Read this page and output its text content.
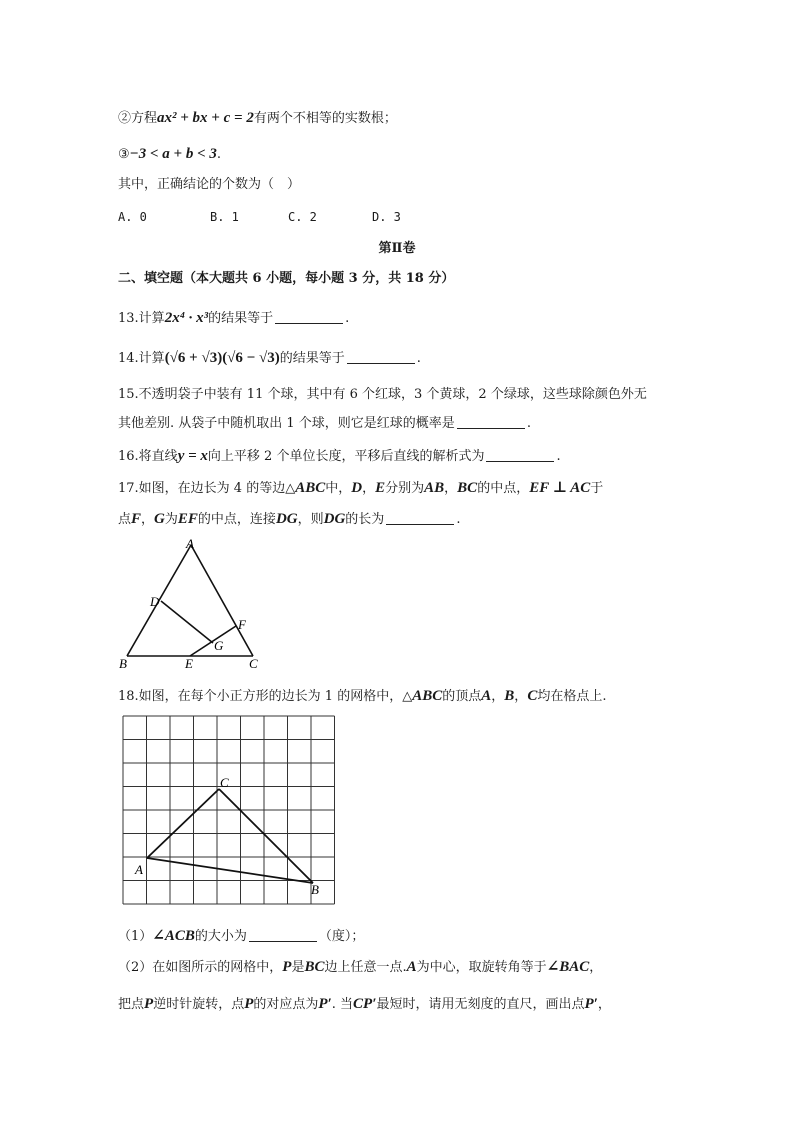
②方程ax² + bx + c = 2有两个不相等的实数根；
③−3 < a + b < 3.
其中，正确结论的个数为（　）
A. 0	B. 1	C. 2	D. 3
第Ⅱ卷
二、填空题（本大题共 6 小题，每小题 3 分，共 18 分）
13.计算2x⁴ · x³的结果等于	.
14.计算(√6 + √3)(√6 − √3)的结果等于	.
15.不透明袋子中装有 11 个球，其中有 6 个红球，3 个黄球，2 个绿球，这些球除颜色外无
其他差别. 从袋子中随机取出 1 个球，则它是红球的概率是	.
16.将直线y = x向上平移 2 个单位长度，平移后直线的解析式为	.
17.如图，在边长为 4 的等边△ABC中，D，E分别为AB，BC的中点，EF ⊥ AC于
点F，G为EF的中点，连接DG，则DG的长为	.
A
D
F
G
B	E	C
18.如图，在每个小正方形的边长为 1 的网格中，△ABC的顶点A，B，C均在格点上.
C
A
B
（1）∠ACB的大小为	（度）；
（2）在如图所示的网格中，P是BC边上任意一点.A为中心，取旋转角等于∠BAC，
把点P逆时针旋转，点P的对应点为P′. 当CP′最短时，请用无刻度的直尺，画出点P′，
